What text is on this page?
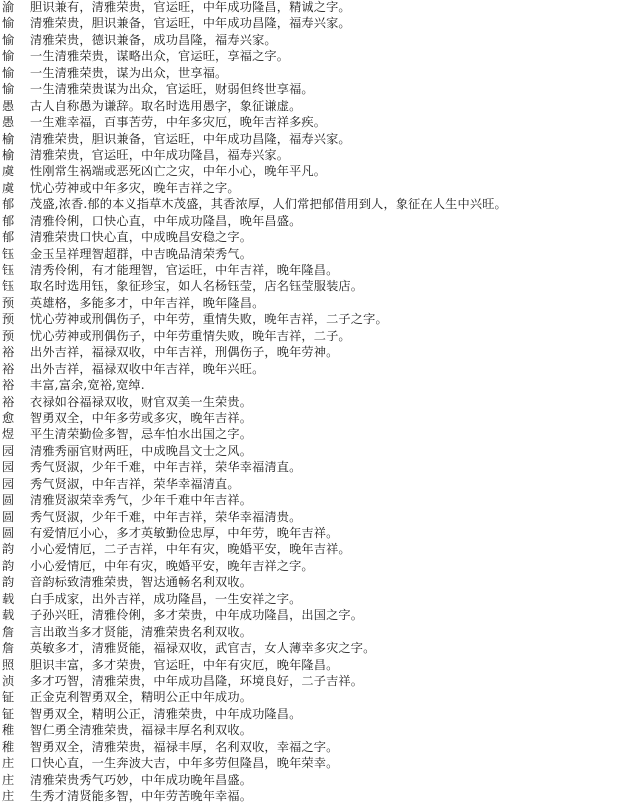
渝	胆识兼有，清雅荣贵，官运旺，中年成功隆昌，精诚之字。
愉	清雅荣贵，胆识兼备，官运旺，中年成功昌隆，福寿兴家。
愉	清雅荣贵，德识兼备，成功昌隆，福寿兴家。
愉	一生清雅荣贵，谋略出众，官运旺，享福之字。
愉	一生清雅荣贵，谋为出众，世享福。
愉	一生清雅荣贵谋为出众，官运旺，财弱但终世享福。
愚	古人自称愚为谦辞。取名时选用愚字，象征谦虚。
愚	一生难幸福，百事苦劳，中年多灾厄，晚年吉祥多疾。
榆	清雅荣贵，胆识兼备，官运旺，中年成功昌隆，福寿兴家。
榆	清雅荣贵，官运旺，中年成功隆昌，福寿兴家。
虞	性刚常生祸端或恶死凶亡之灾，中年小心，晚年平凡。
虞	忧心劳神或中年多灾，晚年吉祥之字。
郁	茂盛,浓香.郁的本义指草木茂盛，其香浓厚，人们常把郁借用到人，象征在人生中兴旺。
郁	清雅伶俐，口快心直，中年成功隆昌，晚年昌盛。
郁	清雅荣贵口快心直，中成晚昌安稳之字。
钰	金玉呈祥理智超群，中吉晚品清荣秀气。
钰	清秀伶俐，有才能理智，官运旺，中年吉祥，晚年隆昌。
钰	取名时选用钰，象征珍宝，如人名杨钰莹，店名钰莹服装店。
预	英雄格，多能多才，中年吉祥，晚年隆昌。
预	忧心劳神或刑偶伤子，中年劳，重情失败，晚年吉祥，二子之字。
预	忧心劳神或刑偶伤子，中年劳重情失败，晚年吉祥，二子。
裕	出外吉祥，福禄双收，中年吉祥，刑偶伤子，晚年劳神。
裕	出外吉祥，福禄双收中年吉祥，晚年兴旺。
裕	丰富,富余,宽裕,宽绰.
裕	衣禄如谷福禄双收，财官双美一生荣贵。
愈	智勇双全，中年多劳或多灾，晚年吉祥。
煜	平生清荣勤俭多智，忌车怕水出国之字。
园	清雅秀丽官财两旺，中成晚昌文士之风。
园	秀气贤淑，少年千难，中年吉祥，荣华幸福清直。
园	秀气贤淑，中年吉祥，荣华幸福清直。
圆	清雅贤淑荣幸秀气，少年千难中年吉祥。
圆	秀气贤淑，少年千难，中年吉祥，荣华幸福清贵。
圆	有爱情厄小心，多才英敏勤俭忠厚，中年劳，晚年吉祥。
韵	小心爱情厄，二子吉祥，中年有灾，晚婚平安，晚年吉祥。
韵	小心爱情厄，中年有灾，晚婚平安，晚年吉祥之字。
韵	音韵标致清雅荣贵，智达通畅名利双收。
载	白手成家，出外吉祥，成功隆昌，一生安祥之字。
载	子孙兴旺，清雅伶俐，多才荣贵，中年成功隆昌，出国之字。
詹	言出敢当多才贤能，清雅荣贵名利双收。
詹	英敏多才，清雅贤能，福禄双收，武官吉，女人薄幸多灾之字。
照	胆识丰富，多才荣贵，官运旺，中年有灾厄，晚年隆昌。
浈	多才巧智，清雅荣贵，中年成功昌隆，环境良好，二子吉祥。
钲	正金克利智勇双全，精明公正中年成功。
钲	智勇双全，精明公正，清雅荣贵，中年成功隆昌。
稚	智仁勇全清雅荣贵，福禄丰厚名利双收。
稚	智勇双全，清雅荣贵，福禄丰厚，名利双收，幸福之字。
庄	口快心直，一生奔波大吉，中年多劳但隆昌，晚年荣幸。
庄	清雅荣贵秀气巧妙，中年成功晚年昌盛。
庄	生秀才清贤能多智，中年劳苦晚年幸福。
